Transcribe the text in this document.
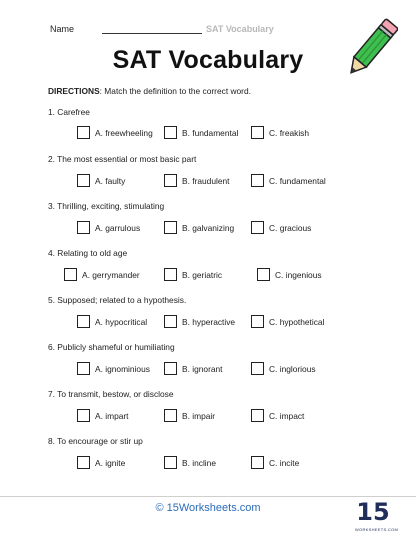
Name	SAT Vocabulary
SAT Vocabulary
DIRECTIONS: Match the definition to the correct word.
1. Carefree
A. freewheeling	B. fundamental	C. freakish
2. The most essential or most basic part
A. faulty	B. fraudulent	C. fundamental
3. Thrilling, exciting, stimulating
A. garrulous	B. galvanizing	C. gracious
4. Relating to old age
A. gerrymander	B. geriatric	C. ingenious
5. Supposed; related to a hypothesis.
A. hypocritical	B. hyperactive	C. hypothetical
6. Publicly shameful or humiliating
A. ignominious	B. ignorant	C. inglorious
7. To transmit, bestow, or disclose
A. impart	B. impair	C. impact
8. To encourage or stir up
A. ignite	B. incline	C. incite
© 15Worksheets.com	15
WORKSHEETS.COM
